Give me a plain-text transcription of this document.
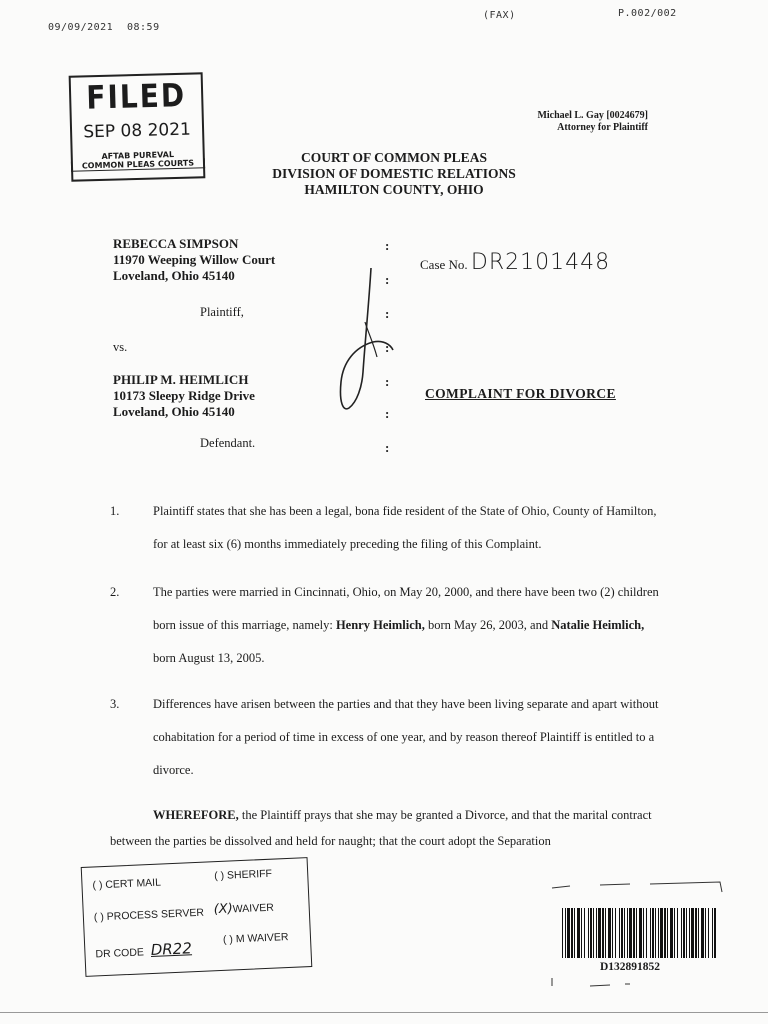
09/09/2021 08:59
(FAX)	P.002/002
FILED
SEP 08 2021
AFTAB PUREVAL
COMMON PLEAS COURTS
Michael L. Gay [0024679]
Attorney for Plaintiff
COURT OF COMMON PLEAS
DIVISION OF DOMESTIC RELATIONS
HAMILTON COUNTY, OHIO
REBECCA SIMPSON
11970 Weeping Willow Court
Loveland, Ohio 45140
Plaintiff,
vs.
PHILIP M. HEIMLICH
10173 Sleepy Ridge Drive
Loveland, Ohio 45140
Defendant.
:
:
:
:
:
:
:
Case No. DR2101448
COMPLAINT FOR DIVORCE
1.	Plaintiff states that she has been a legal, bona fide resident of the State of Ohio, County of Hamilton, for at least six (6) months immediately preceding the filing of this Complaint.
2.	The parties were married in Cincinnati, Ohio, on May 20, 2000, and there have been two (2) children born issue of this marriage, namely: Henry Heimlich, born May 26, 2003, and Natalie Heimlich, born August 13, 2005.
3.	Differences have arisen between the parties and that they have been living separate and apart without cohabitation for a period of time in excess of one year, and by reason thereof Plaintiff is entitled to a divorce.
WHEREFORE, the Plaintiff prays that she may be granted a Divorce, and that the marital contract between the parties be dissolved and held for naught; that the court adopt the Separation
( ) CERT MAIL
( ) SHERIFF
( ) PROCESS SERVER (X)WAIVER
DR CODE DR22
( ) M WAIVER
D132891852
